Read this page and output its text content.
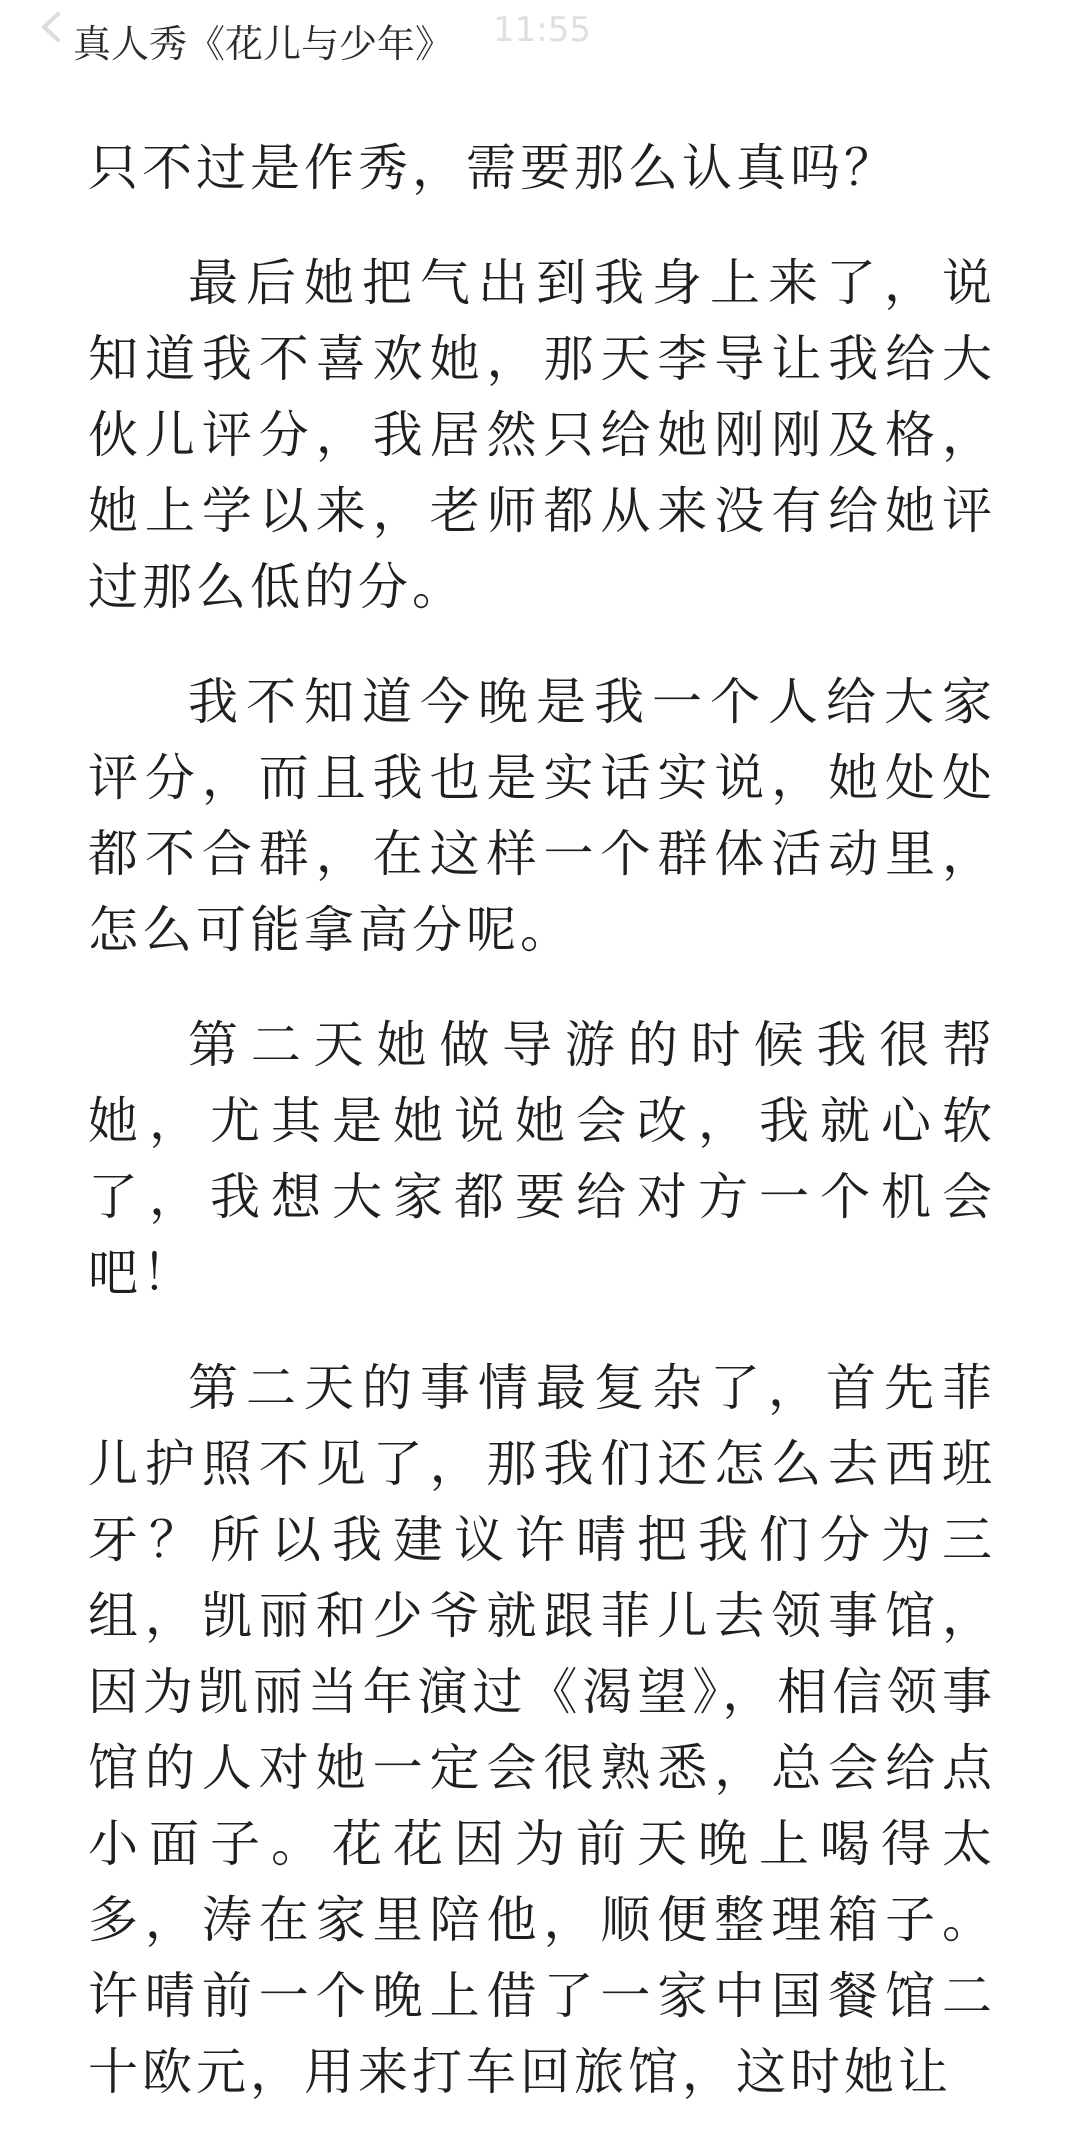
真人秀《花儿与少年》 11:55

只不过是作秀，需要那么认真吗？

最后她把气出到我身上来了，说知道我不喜欢她，那天李导让我给大伙儿评分，我居然只给她刚刚及格，她上学以来，老师都从来没有给她评过那么低的分。

我不知道今晚是我一个人给大家评分，而且我也是实话实说，她处处都不合群，在这样一个群体活动里，怎么可能拿高分呢。

第二天她做导游的时候我很帮她，尤其是她说她会改，我就心软了，我想大家都要给对方一个机会吧！

第二天的事情最复杂了，首先菲儿护照不见了，那我们还怎么去西班牙？所以我建议许晴把我们分为三组，凯丽和少爷就跟菲儿去领事馆，因为凯丽当年演过《渴望》，相信领事馆的人对她一定会很熟悉，总会给点小面子。花花因为前天晚上喝得太多，涛在家里陪他，顺便整理箱子。许晴前一个晚上借了一家中国餐馆二十欧元，用来打车回旅馆，这时她让
